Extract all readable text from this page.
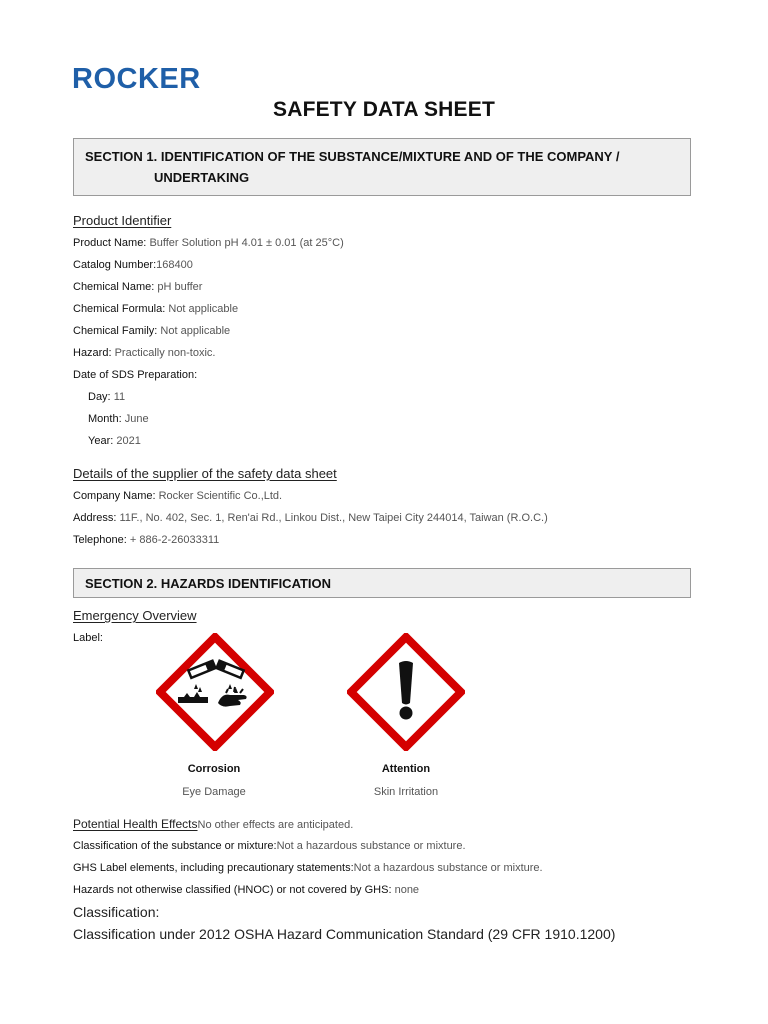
ROCKER
SAFETY DATA SHEET
SECTION 1. IDENTIFICATION OF THE SUBSTANCE/MIXTURE AND OF THE COMPANY /
UNDERTAKING
Product Identifier
Product Name: Buffer Solution pH 4.01 ± 0.01 (at 25°C)
Catalog Number:168400
Chemical Name: pH buffer
Chemical Formula: Not applicable
Chemical Family: Not applicable
Hazard: Practically non-toxic.
Date of SDS Preparation:
Day: 11
Month: June
Year: 2021
Details of the supplier of the safety data sheet
Company Name: Rocker Scientific Co.,Ltd.
Address: 11F., No. 402, Sec. 1, Ren'ai Rd., Linkou Dist., New Taipei City 244014, Taiwan (R.O.C.)
Telephone: + 886-2-26033311
SECTION 2. HAZARDS IDENTIFICATION
Emergency Overview
Label:
Corrosion
Eye Damage
Attention
Skin Irritation
Potential Health EffectsNo other effects are anticipated.
Classification of the substance or mixture:Not a hazardous substance or mixture.
GHS Label elements, including precautionary statements:Not a hazardous substance or mixture.
Hazards not otherwise classified (HNOC) or not covered by GHS: none
Classification:
Classification under 2012 OSHA Hazard Communication Standard (29 CFR 1910.1200)
